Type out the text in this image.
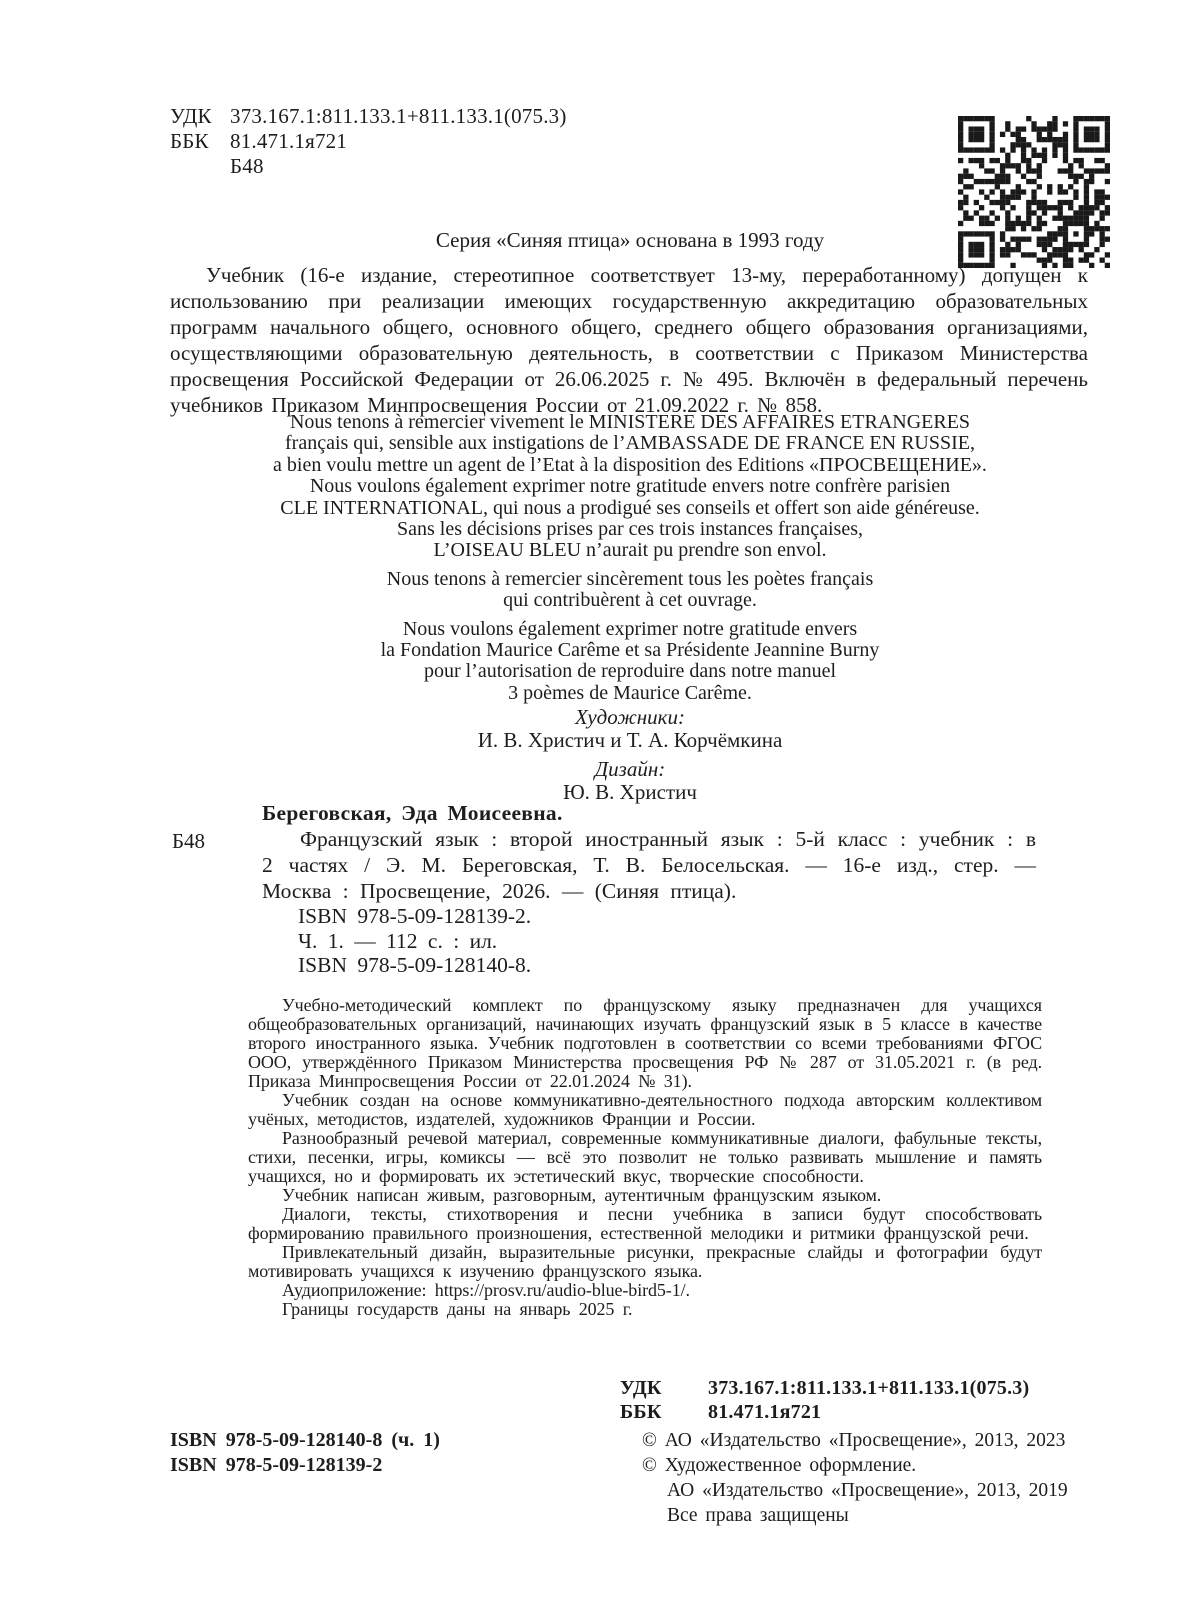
УДК 373.167.1:811.133.1+811.133.1(075.3)
ББК 81.471.1я721
Б48
Серия «Синяя птица» основана в 1993 году

Учебник (16-е издание, стереотипное соответствует 13-му, переработанному) допущен к использованию при реализации имеющих государственную аккредитацию образовательных программ начального общего, основного общего, среднего общего образования организациями, осуществляющими образовательную деятельность, в соответствии с Приказом Министерства просвещения Российской Федерации от 26.06.2025 г. № 495. Включён в федеральный перечень учебников Приказом Минпросвещения России от 21.09.2022 г. № 858.

Nous tenons à remercier vivement le MINISTERE DES AFFAIRES ETRANGERES
français qui, sensible aux instigations de l’AMBASSADE DE FRANCE EN RUSSIE,
a bien voulu mettre un agent de l’Etat à la disposition des Editions «ПРОСВЕЩЕНИЕ».
Nous voulons également exprimer notre gratitude envers notre confrère parisien
CLE INTERNATIONAL, qui nous a prodigué ses conseils et offert son aide généreuse.
Sans les décisions prises par ces trois instances françaises,
L’OISEAU BLEU n’aurait pu prendre son envol.
Nous tenons à remercier sincèrement tous les poètes français
qui contribuèrent à cet ouvrage.
Nous voulons également exprimer notre gratitude envers
la Fondation Maurice Carême et sa Présidente Jeannine Burny
pour l’autorisation de reproduire dans notre manuel
3 poèmes de Maurice Carême.
Художники:
И. В. Христич и Т. А. Корчёмкина
Дизайн:
Ю. В. Христич
Б48
Береговская, Эда Моисеевна.

Французский язык : второй иностранный язык : 5-й класс : учебник : в 2 частях / Э. М. Береговская, Т. В. Белосельская. — 16-е изд., стер. — Москва : Просвещение, 2026. — (Синяя птица).

ISBN 978-5-09-128139-2.
Ч. 1. — 112 с. : ил.
ISBN 978-5-09-128140-8.

Учебно-методический комплект по французскому языку предназначен для учащихся общеобразовательных организаций, начинающих изучать французский язык в 5 классе в качестве второго иностранного языка. Учебник подготовлен в соответствии со всеми требованиями ФГОС ООО, утверждённого Приказом Министерства просвещения РФ № 287 от 31.05.2021 г. (в ред. Приказа Минпросвещения России от 22.01.2024 № 31).

Учебник создан на основе коммуникативно-деятельностного подхода авторским коллективом учёных, методистов, издателей, художников Франции и России.

Разнообразный речевой материал, современные коммуникативные диалоги, фабульные тексты, стихи, песенки, игры, комиксы — всё это позволит не только развивать мышление и память учащихся, но и формировать их эстетический вкус, творческие способности.

Учебник написан живым, разговорным, аутентичным французским языком.

Диалоги, тексты, стихотворения и песни учебника в записи будут способствовать формированию правильного произношения, естественной мелодики и ритмики французской речи.

Привлекательный дизайн, выразительные рисунки, прекрасные слайды и фотографии будут мотивировать учащихся к изучению французского языка.

Аудиоприложение: https://prosv.ru/audio-blue-bird5-1/.

Границы государств даны на январь 2025 г.

УДК 373.167.1:811.133.1+811.133.1(075.3)
ББК 81.471.1я721
ISBN 978-5-09-128140-8 (ч. 1)
ISBN 978-5-09-128139-2
© АО «Издательство «Просвещение», 2013, 2023
© Художественное оформление.
АО «Издательство «Просвещение», 2013, 2019
Все права защищены
